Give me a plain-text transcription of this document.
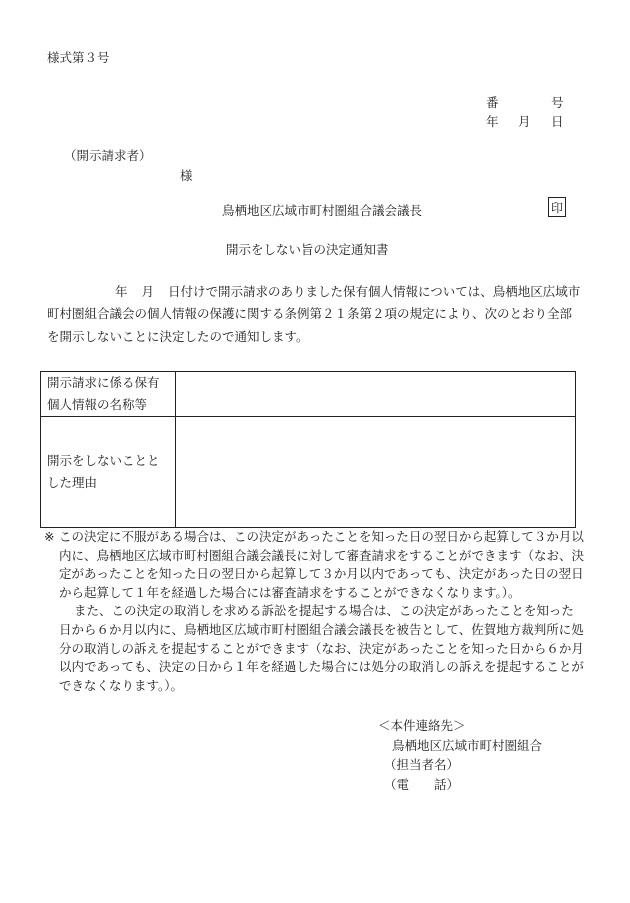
様式第３号
番	号
年 月 日
（開示請求者）
様
鳥栖地区広域市町村圏組合議会議長	印
開示をしない旨の決定通知書
年 月 日付けで開示請求のありました保有個人情報については、鳥栖地区広域市町村圏組合議会の個人情報の保護に関する条例第２１条第２項の規定により、次のとおり全部を開示しないことに決定したので通知します。
開示請求に係る保有
個人情報の名称等	

開示をしないことと
した理由	

※ この決定に不服がある場合は、この決定があったことを知った日の翌日から起算して３か月以内に、鳥栖地区広域市町村圏組合議会議長に対して審査請求をすることができます（なお、決定があったことを知った日の翌日から起算して３か月以内であっても、決定があった日の翌日から起算して１年を経過した場合には審査請求をすることができなくなります。）。
また、この決定の取消しを求める訴訟を提起する場合は、この決定があったことを知った日から６か月以内に、鳥栖地区広域市町村圏組合議会議長を被告として、佐賀地方裁判所に処分の取消しの訴えを提起することができます（なお、決定があったことを知った日から６か月以内であっても、決定の日から１年を経過した場合には処分の取消しの訴えを提起することができなくなります。）。
＜本件連絡先＞
鳥栖地区広域市町村圏組合
（担当者名）
（電　　話）
